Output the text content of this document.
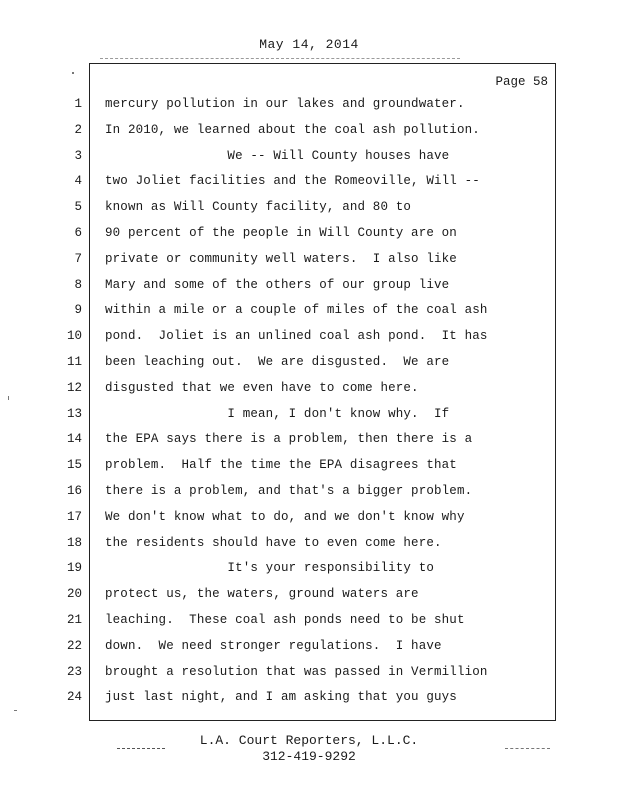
May 14, 2014
Page 58
1 mercury pollution in our lakes and groundwater.
2 In 2010, we learned about the coal ash pollution.
3 We -- Will County houses have
4 two Joliet facilities and the Romeoville, Will --
5 known as Will County facility, and 80 to
6 90 percent of the people in Will County are on
7 private or community well waters.  I also like
8 Mary and some of the others of our group live
9 within a mile or a couple of miles of the coal ash
10 pond.  Joliet is an unlined coal ash pond.  It has
11 been leaching out.  We are disgusted.  We are
12 disgusted that we even have to come here.
13 I mean, I don't know why.  If
14 the EPA says there is a problem, then there is a
15 problem.  Half the time the EPA disagrees that
16 there is a problem, and that's a bigger problem.
17 We don't know what to do, and we don't know why
18 the residents should have to even come here.
19 It's your responsibility to
20 protect us, the waters, ground waters are
21 leaching.  These coal ash ponds need to be shut
22 down.  We need stronger regulations.  I have
23 brought a resolution that was passed in Vermillion
24 just last night, and I am asking that you guys
L.A. Court Reporters, L.L.C.
312-419-9292
